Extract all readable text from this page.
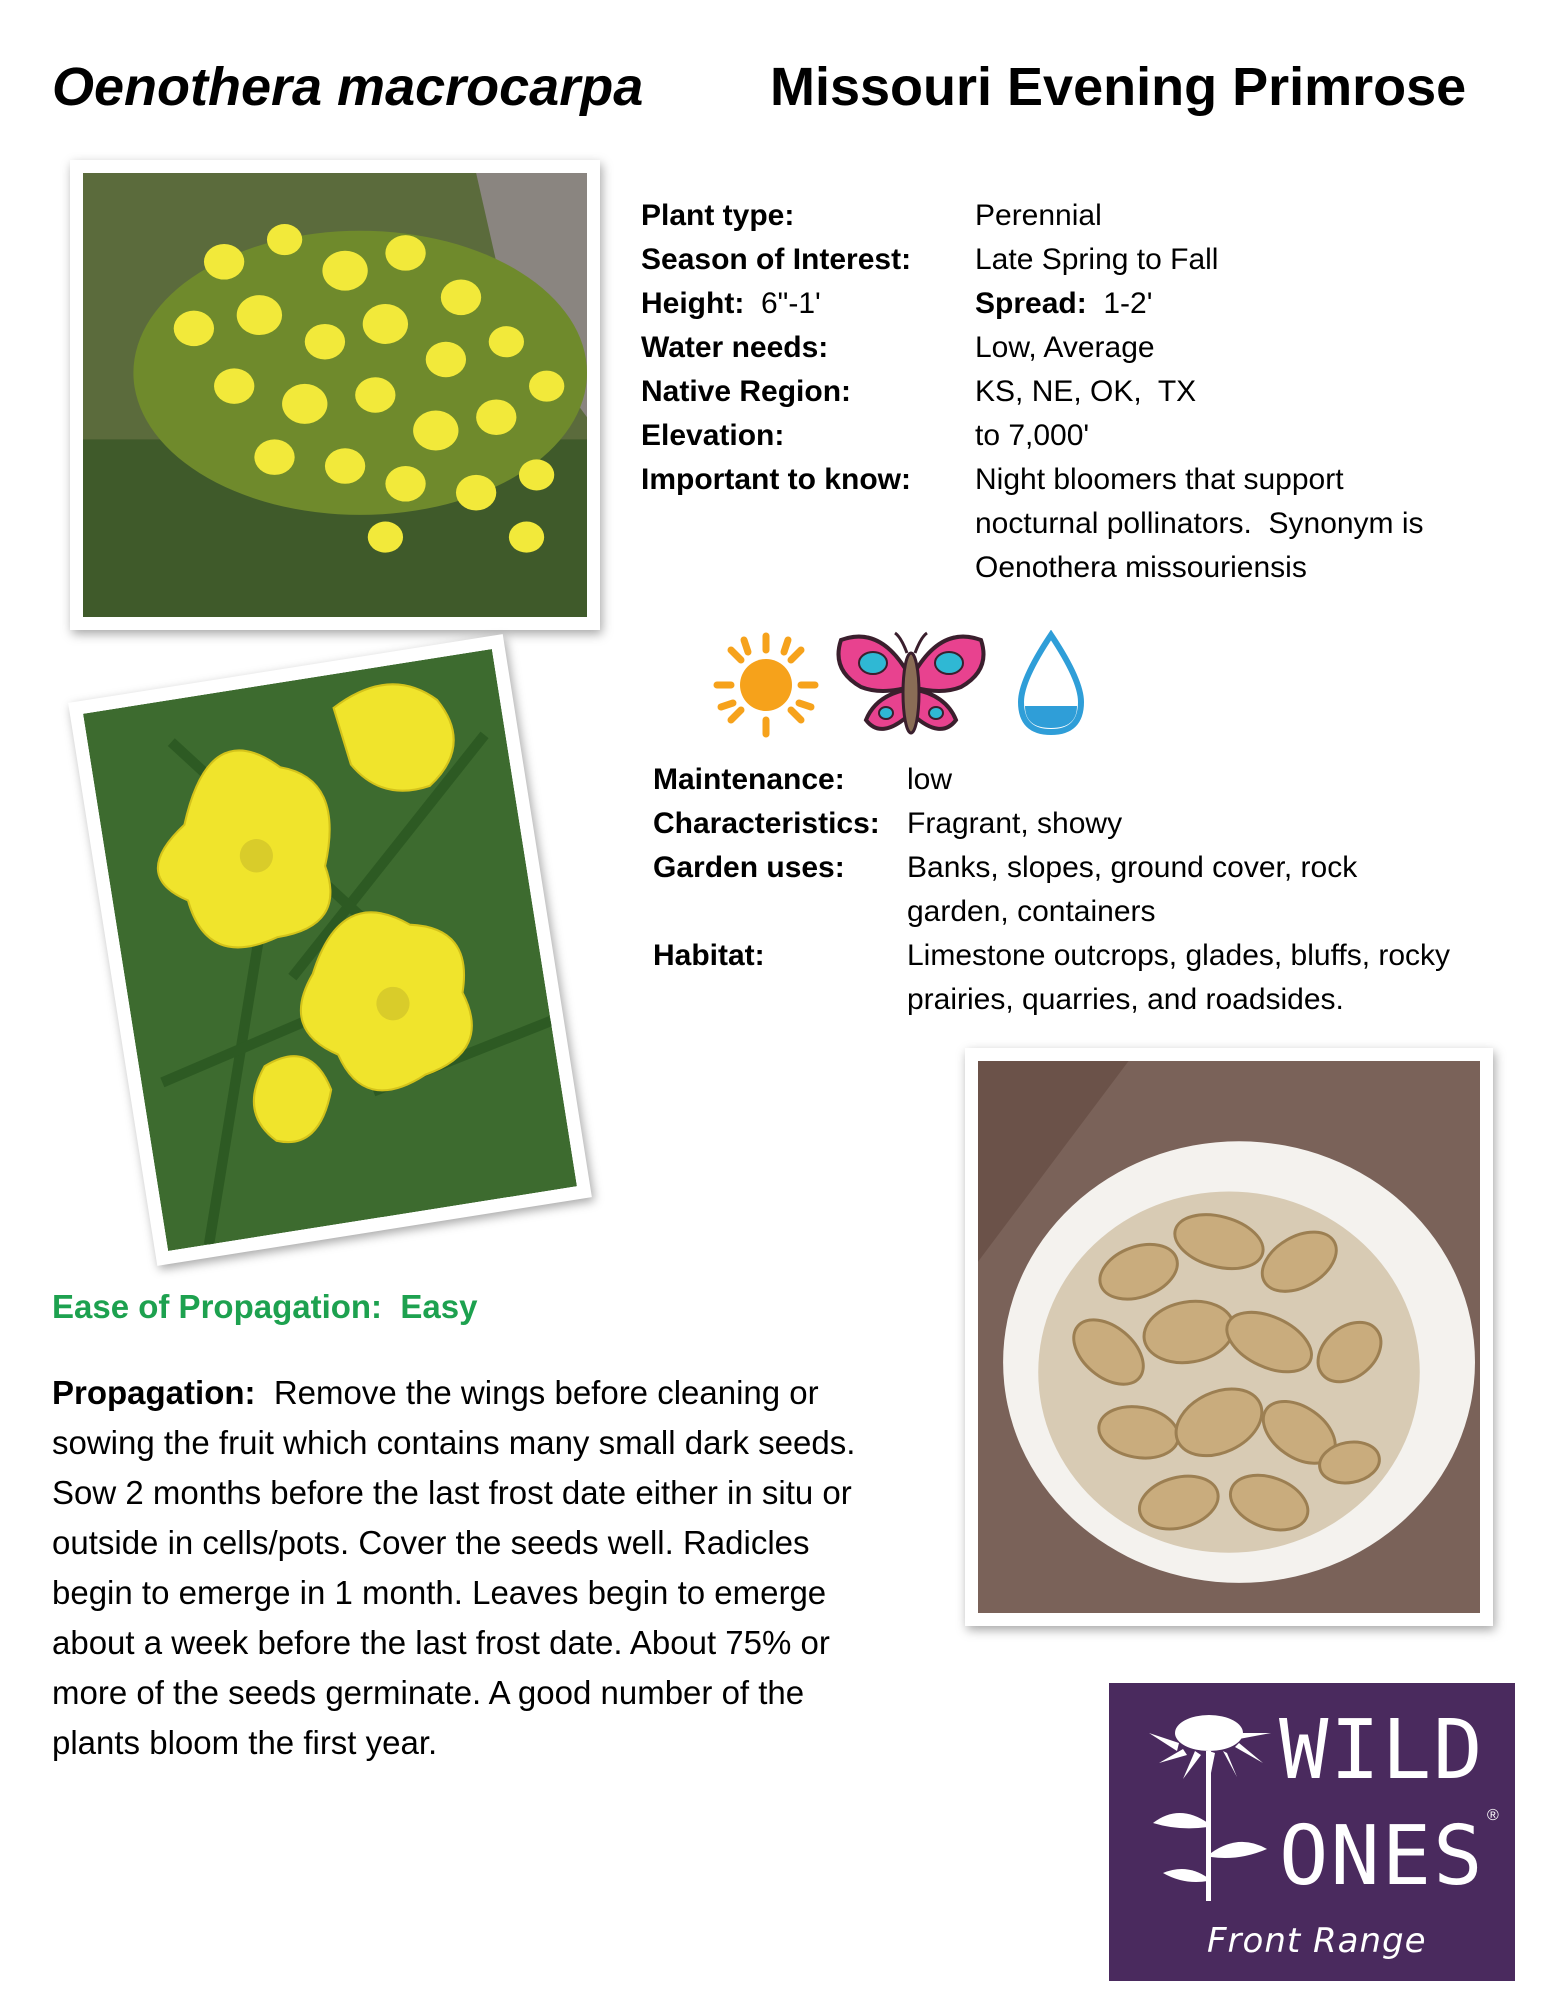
Oenothera macrocarpa Missouri Evening Primrose
Plant type:	Perennial
Season of Interest:	Late Spring to Fall
Height: 6"-1'	Spread: 1-2'
Water needs:	Low, Average
Native Region:	KS, NE, OK,  TX
Elevation:	to 7,000'
Important to know:	Night bloomers that support nocturnal pollinators.  Synonym is Oenothera missouriensis
Maintenance:	low
Characteristics: Fragrant, showy
Garden uses:	Banks, slopes, ground cover, rock garden, containers
Habitat:	Limestone outcrops, glades, bluffs, rocky prairies, quarries, and roadsides.
Ease of Propagation:  Easy
Propagation:  Remove the wings before cleaning or sowing the fruit which contains many small dark seeds.  Sow 2 months before the last frost date either in situ or outside in cells/pots. Cover the seeds well. Radicles begin to emerge in 1 month. Leaves begin to emerge about a week before the last frost date. About 75% or more of the seeds germinate. A good number of the plants bloom the first year.	WILD
ONES ®
Front Range
